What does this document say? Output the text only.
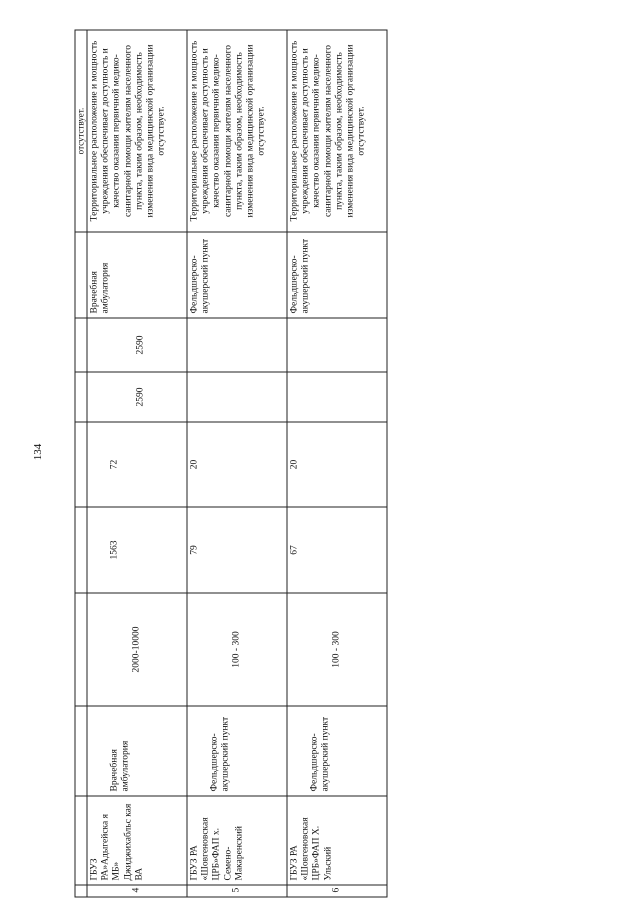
134
									отсутствует.
4	ГБУЗ РА»Адыгейска я МБ» Джиджихабльс кая ВА	Врачебная амбулатория	2000-10000	1563	72	2590	2590	Врачебная амбулатория	Территориальное расположение и мощность учреждения обеспечивает доступность и качество оказания первичной медико-санитарной помощи жителям населенного пункта, таким образом, необходимость изменения вида медицинской организации отсутствует.
5	ГБУЗ РА «Шовгеновская ЦРБ»ФАП х. Семено-Макаренский	Фельдшерско-акушерский пункт	100 - 300	79	20			Фельдшерско-акушерский пункт	Территориальное расположение и мощность учреждения обеспечивает доступность и качество оказания первичной медико-санитарной помощи жителям населенного пункта, таким образом, необходимость изменения вида медицинской организации отсутствует.
6	ГБУЗ РА «Шовгеновская ЦРБ»ФАП Х. Ульский	Фельдшерско-акушерский пункт	100 - 300	67	20			Фельдшерско-акушерский пункт	Территориальное расположение и мощность учреждения обеспечивает доступность и качество оказания первичной медико-санитарной помощи жителям населенного пункта, таким образом, необходимость изменения вида медицинской организации отсутствует.
